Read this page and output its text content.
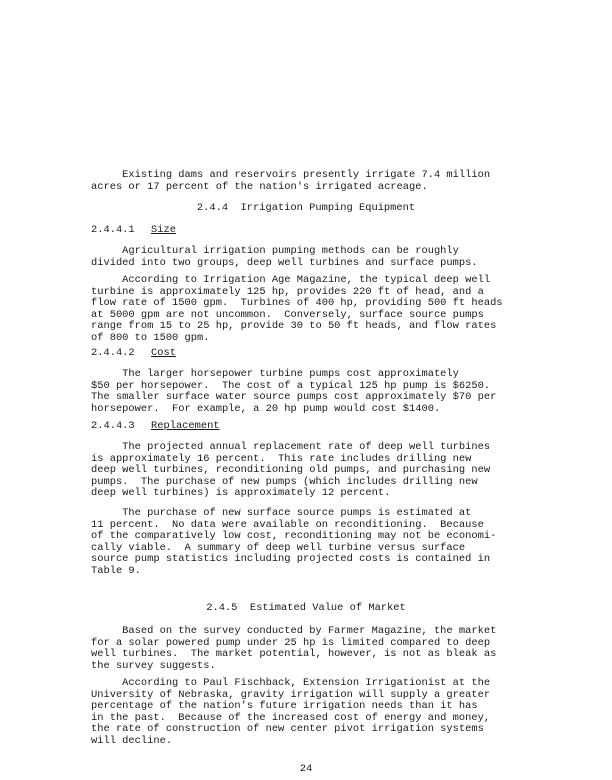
Existing dams and reservoirs presently irrigate 7.4 million
acres or 17 percent of the nation's irrigated acreage.

2.4.4  Irrigation Pumping Equipment

2.4.4.1 Size

Agricultural irrigation pumping methods can be roughly
divided into two groups, deep well turbines and surface pumps.

According to Irrigation Age Magazine, the typical deep well
turbine is approximately 125 hp, provides 220 ft of head, and a
flow rate of 1500 gpm.  Turbines of 400 hp, providing 500 ft heads
at 5000 gpm are not uncommon.  Conversely, surface source pumps
range from 15 to 25 hp, provide 30 to 50 ft heads, and flow rates
of 800 to 1500 gpm.

2.4.4.2 Cost

The larger horsepower turbine pumps cost approximately
$50 per horsepower.  The cost of a typical 125 hp pump is $6250.
The smaller surface water source pumps cost approximately $70 per
horsepower.  For example, a 20 hp pump would cost $1400.

2.4.4.3 Replacement

The projected annual replacement rate of deep well turbines
is approximately 16 percent.  This rate includes drilling new
deep well turbines, reconditioning old pumps, and purchasing new
pumps.  The purchase of new pumps (which includes drilling new
deep well turbines) is approximately 12 percent.

The purchase of new surface source pumps is estimated at
11 percent.  No data were available on reconditioning.  Because
of the comparatively low cost, reconditioning may not be economi-
cally viable.  A summary of deep well turbine versus surface
source pump statistics including projected costs is contained in
Table 9.

2.4.5  Estimated Value of Market

Based on the survey conducted by Farmer Magazine, the market
for a solar powered pump under 25 hp is limited compared to deep
well turbines.  The market potential, however, is not as bleak as
the survey suggests.

According to Paul Fischback, Extension Irrigationist at the
University of Nebraska, gravity irrigation will supply a greater
percentage of the nation's future irrigation needs than it has
in the past.  Because of the increased cost of energy and money,
the rate of construction of new center pivot irrigation systems
will decline.

24
